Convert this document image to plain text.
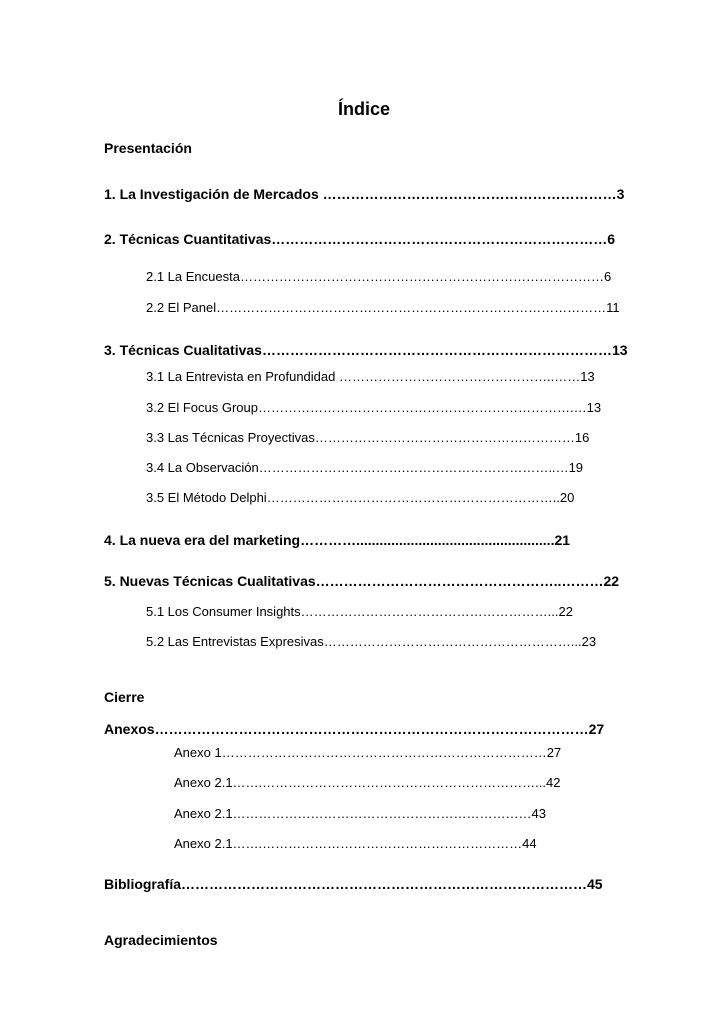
Índice
Presentación
1. La Investigación de Mercados ………………………………………………………3
2. Técnicas Cuantitativas………………………………………………………………6
2.1 La Encuesta…………………………………………………………………………6
2.2 El Panel………………………………………………………………………………11
3. Técnicas Cualitativas…………………………………………………………………13
3.1 La Entrevista en Profundidad …………………………………………..……13
3.2 El Focus Group……………………………………………………………….…13
3.3 Las Técnicas Proyectivas……………………………………………………16
3.4 La Observación…………………………….……………………………..…19
3.5 El Método Delphi…………………………………………………………..20
4. La nueva era del marketing…………...................................................21
5. Nuevas Técnicas Cualitativas……………………………………………..………22
5.1 Los Consumer Insights…………………………………………………...22
5.2 Las Entrevistas Expresivas…………………………………………………...23
Cierre
Anexos…………………………………………………………………………………27
Anexo 1…………………………………………………………………27
Anexo 2.1…….………………………………………………………...42
Anexo 2.1……………………………………………………………43
Anexo 2.1…….……………………………………………………44
Bibliografía……………………………………………………………………………45
Agradecimientos
